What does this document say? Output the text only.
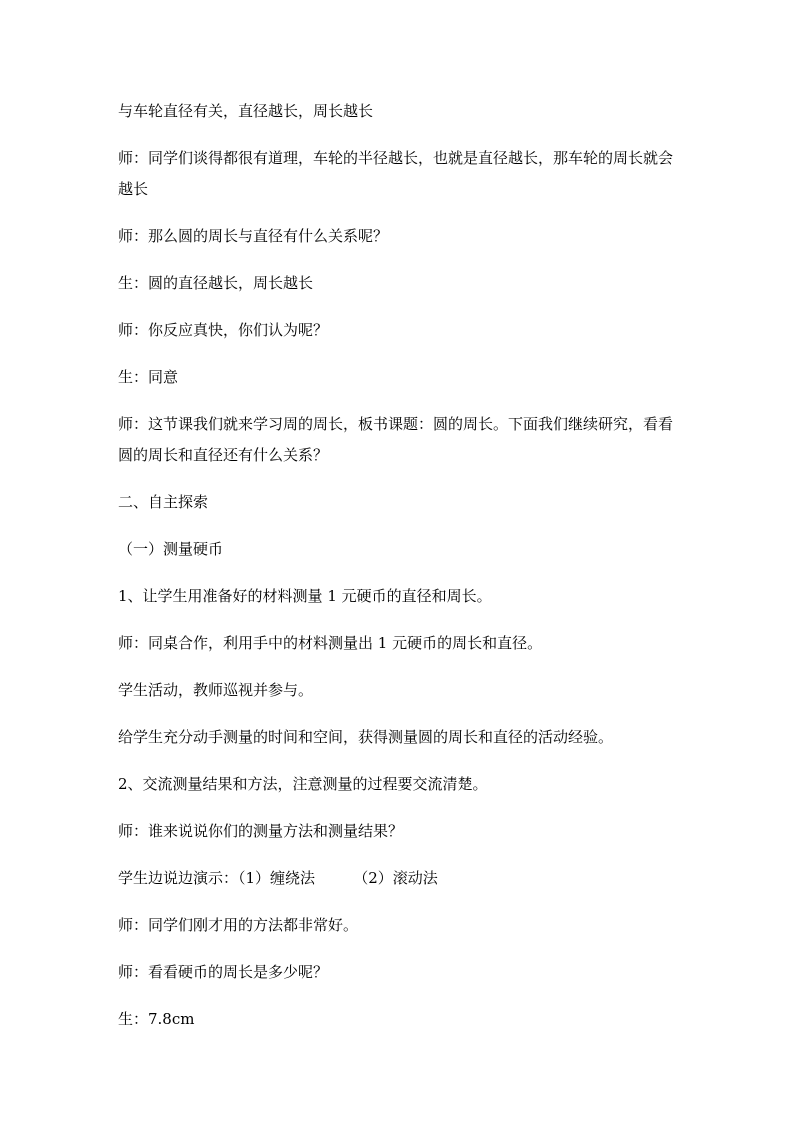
与车轮直径有关，直径越长，周长越长

师：同学们谈得都很有道理，车轮的半径越长，也就是直径越长，那车轮的周长就会越长

师：那么圆的周长与直径有什么关系呢？

生：圆的直径越长，周长越长

师：你反应真快，你们认为呢？

生：同意

师：这节课我们就来学习周的周长，板书课题：圆的周长。下面我们继续研究，看看圆的周长和直径还有什么关系？

二、自主探索

（一）测量硬币

1、让学生用准备好的材料测量 1 元硬币的直径和周长。

师：同桌合作，利用手中的材料测量出 1 元硬币的周长和直径。

学生活动，教师巡视并参与。

给学生充分动手测量的时间和空间，获得测量圆的周长和直径的活动经验。

2、交流测量结果和方法，注意测量的过程要交流清楚。

师：谁来说说你们的测量方法和测量结果？

学生边说边演示：（1）缠绕法        （2）滚动法

师：同学们刚才用的方法都非常好。

师：看看硬币的周长是多少呢？

生：7.8cm
